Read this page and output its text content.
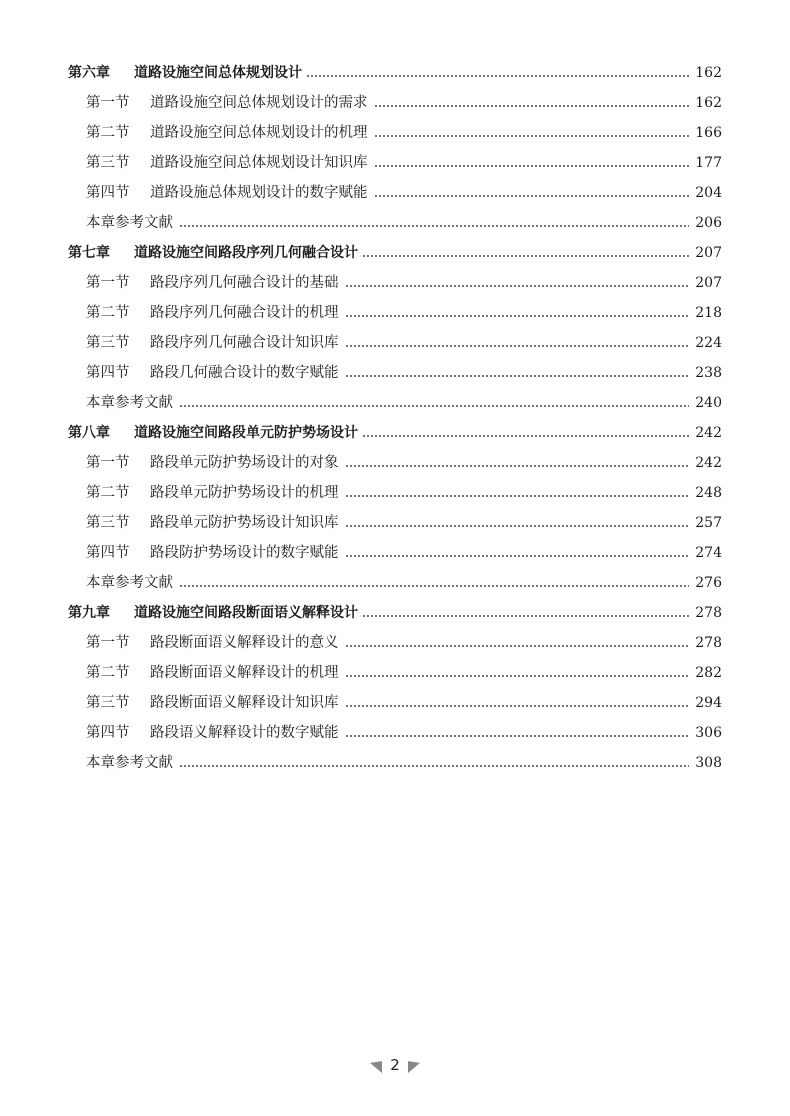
第六章	道路设施空间总体规划设计	162
第一节	道路设施空间总体规划设计的需求	162
第二节	道路设施空间总体规划设计的机理	166
第三节	道路设施空间总体规划设计知识库	177
第四节	道路设施总体规划设计的数字赋能	204
本章参考文献	206
第七章	道路设施空间路段序列几何融合设计	207
第一节	路段序列几何融合设计的基础	207
第二节	路段序列几何融合设计的机理	218
第三节	路段序列几何融合设计知识库	224
第四节	路段几何融合设计的数字赋能	238
本章参考文献	240
第八章	道路设施空间路段单元防护势场设计	242
第一节	路段单元防护势场设计的对象	242
第二节	路段单元防护势场设计的机理	248
第三节	路段单元防护势场设计知识库	257
第四节	路段防护势场设计的数字赋能	274
本章参考文献	276
第九章	道路设施空间路段断面语义解释设计	278
第一节	路段断面语义解释设计的意义	278
第二节	路段断面语义解释设计的机理	282
第三节	路段断面语义解释设计知识库	294
第四节	路段语义解释设计的数字赋能	306
本章参考文献	308
2
